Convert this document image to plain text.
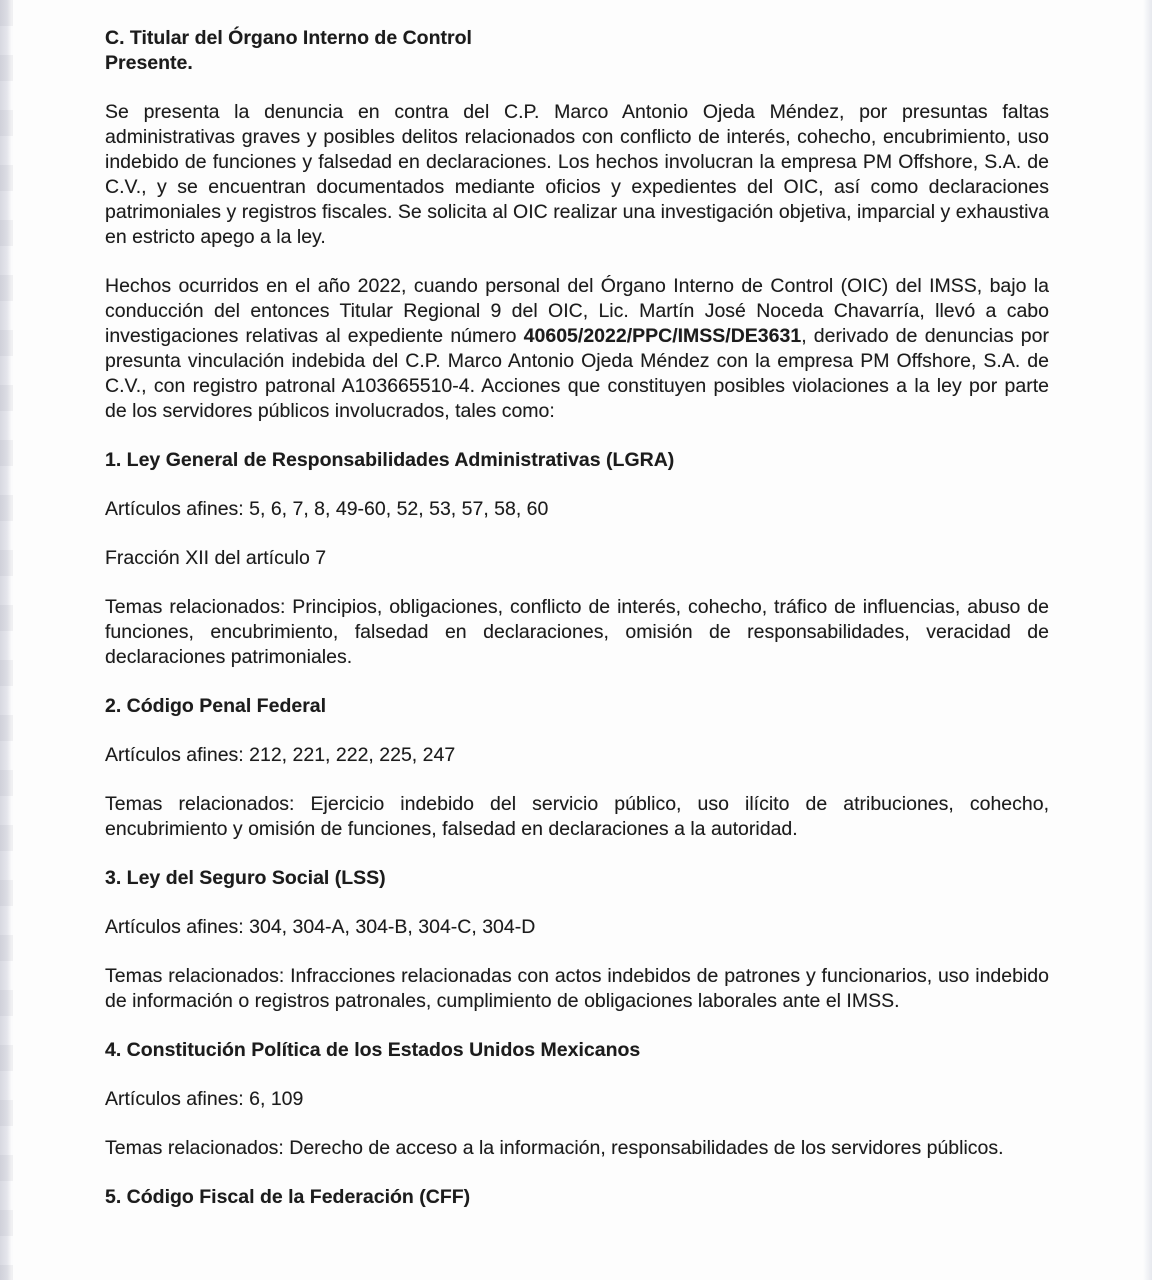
C. Titular del Órgano Interno de Control
Presente.

Se presenta la denuncia en contra del C.P. Marco Antonio Ojeda Méndez, por presuntas faltas administrativas graves y posibles delitos relacionados con conflicto de interés, cohecho, encubrimiento, uso indebido de funciones y falsedad en declaraciones. Los hechos involucran la empresa PM Offshore, S.A. de C.V., y se encuentran documentados mediante oficios y expedientes del OIC, así como declaraciones patrimoniales y registros fiscales. Se solicita al OIC realizar una investigación objetiva, imparcial y exhaustiva en estricto apego a la ley.

Hechos ocurridos en el año 2022, cuando personal del Órgano Interno de Control (OIC) del IMSS, bajo la conducción del entonces Titular Regional 9 del OIC, Lic. Martín José Noceda Chavarría, llevó a cabo investigaciones relativas al expediente número 40605/2022/PPC/IMSS/DE3631, derivado de denuncias por presunta vinculación indebida del C.P. Marco Antonio Ojeda Méndez con la empresa PM Offshore, S.A. de C.V., con registro patronal A103665510-4. Acciones que constituyen posibles violaciones a la ley por parte de los servidores públicos involucrados, tales como:

1. Ley General de Responsabilidades Administrativas (LGRA)

Artículos afines: 5, 6, 7, 8, 49-60, 52, 53, 57, 58, 60

Fracción XII del artículo 7

Temas relacionados: Principios, obligaciones, conflicto de interés, cohecho, tráfico de influencias, abuso de funciones, encubrimiento, falsedad en declaraciones, omisión de responsabilidades, veracidad de declaraciones patrimoniales.

2. Código Penal Federal

Artículos afines: 212, 221, 222, 225, 247

Temas relacionados: Ejercicio indebido del servicio público, uso ilícito de atribuciones, cohecho, encubrimiento y omisión de funciones, falsedad en declaraciones a la autoridad.

3. Ley del Seguro Social (LSS)

Artículos afines: 304, 304-A, 304-B, 304-C, 304-D

Temas relacionados: Infracciones relacionadas con actos indebidos de patrones y funcionarios, uso indebido de información o registros patronales, cumplimiento de obligaciones laborales ante el IMSS.

4. Constitución Política de los Estados Unidos Mexicanos

Artículos afines: 6, 109

Temas relacionados: Derecho de acceso a la información, responsabilidades de los servidores públicos.

5. Código Fiscal de la Federación (CFF)
